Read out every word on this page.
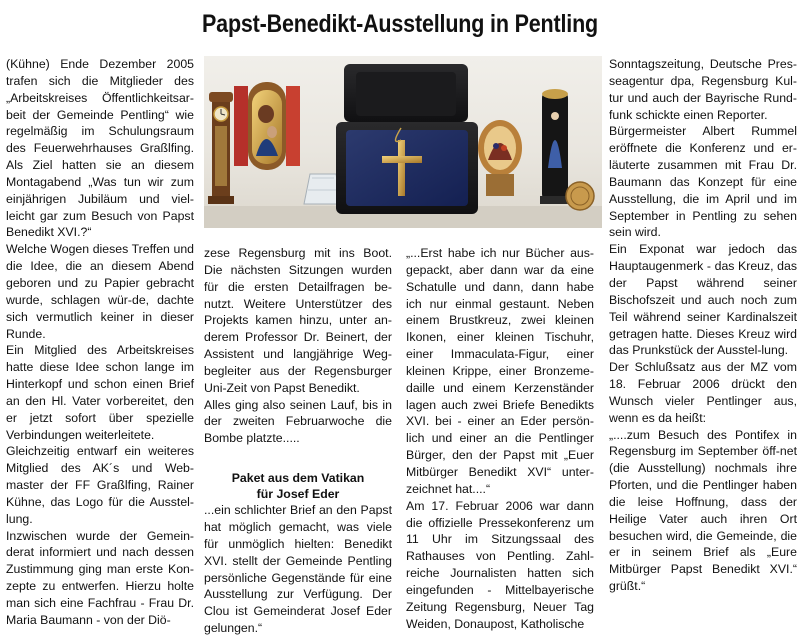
Papst-Benedikt-Ausstellung in Pentling

(Kühne) Ende Dezember 2005 trafen sich die Mitglieder des „Arbeitskreises Öffentlichkeitsar-beit der Gemeinde Pentling“ wie regelmäßig im Schulungsraum des Feuerwehrhauses Graßlfing. Als Ziel hatten sie an diesem Montagabend „Was tun wir zum einjährigen Jubiläum und viel-leicht gar zum Besuch von Papst Benedikt XVI.?“

Welche Wogen dieses Treffen und die Idee, die an diesem Abend geboren und zu Papier gebracht wurde, schlagen wür-de, dachte sich vermutlich keiner in dieser Runde.

Ein Mitglied des Arbeitskreises hatte diese Idee schon lange im Hinterkopf und schon einen Brief an den Hl. Vater vorbereitet, den er jetzt sofort über spezielle Verbindungen weiterleitete.

Gleichzeitig entwarf ein weiteres Mitglied des AK´s und Web-master der FF Graßlfing, Rainer Kühne, das Logo für die Ausstel-lung.

Inzwischen wurde der Gemein-derat informiert und nach dessen Zustimmung ging man erste Kon-zepte zu entwerfen. Hierzu holte man sich eine Fachfrau - Frau Dr. Maria Baumann - von der Diö-

zese Regensburg mit ins Boot. Die nächsten Sitzungen wurden für die ersten Detailfragen be-nutzt. Weitere Unterstützer des Projekts kamen hinzu, unter an-derem Professor Dr. Beinert, der Assistent und langjährige Weg-begleiter aus der Regensburger Uni-Zeit von Papst Benedikt.

Alles ging also seinen Lauf, bis in der zweiten Februarwoche die Bombe platzte.....

Paket aus dem Vatikan
für Josef Eder

...ein schlichter Brief an den Papst hat möglich gemacht, was viele für unmöglich hielten: Benedikt XVI. stellt der Gemeinde Pentling persönliche Gegenstände für eine Ausstellung zur Verfügung. Der Clou ist Gemeinderat Josef Eder gelungen.“

„...Erst habe ich nur Bücher aus-gepackt, aber dann war da eine Schatulle und dann, dann habe ich nur einmal gestaunt. Neben einem Brustkreuz, zwei kleinen Ikonen, einer kleinen Tischuhr, einer Immaculata-Figur, einer kleinen Krippe, einer Bronzeme-daille und einem Kerzenständer lagen auch zwei Briefe Benedikts XVI. bei - einer an Eder persön-lich und einer an die Pentlinger Bürger, den der Papst mit „Euer Mitbürger Benedikt XVI“ unter-zeichnet hat....“

Am 17. Februar 2006 war dann die offizielle Pressekonferenz um 11 Uhr im Sitzungssaal des Rathauses von Pentling. Zahl-reiche Journalisten hatten sich eingefunden - Mittelbayerische Zeitung Regensburg, Neuer Tag Weiden, Donaupost, Katholische

Sonntagszeitung, Deutsche Pres-seagentur dpa, Regensburg Kul-tur und auch der Bayrische Rund-funk schickte einen Reporter.

Bürgermeister Albert Rummel eröffnete die Konferenz und er-läuterte zusammen mit Frau Dr. Baumann das Konzept für eine Ausstellung, die im April und im September in Pentling zu sehen sein wird.

Ein Exponat war jedoch das Hauptaugenmerk - das Kreuz, das der Papst während seiner Bischofszeit und auch noch zum Teil während seiner Kardinalszeit getragen hatte. Dieses Kreuz wird das Prunkstück der Ausstel-lung.

Der Schlußsatz aus der MZ vom 18. Februar 2006 drückt den Wunsch vieler Pentlinger aus, wenn es da heißt:

„....zum Besuch des Pontifex in Regensburg im September öff-net (die Ausstellung) nochmals ihre Pforten, und die Pentlinger haben die leise Hoffnung, dass der Heilige Vater auch ihren Ort besuchen wird, die Gemeinde, die er in seinem Brief als „Eure Mitbürger Papst Benedikt XVI.“ grüßt.“
